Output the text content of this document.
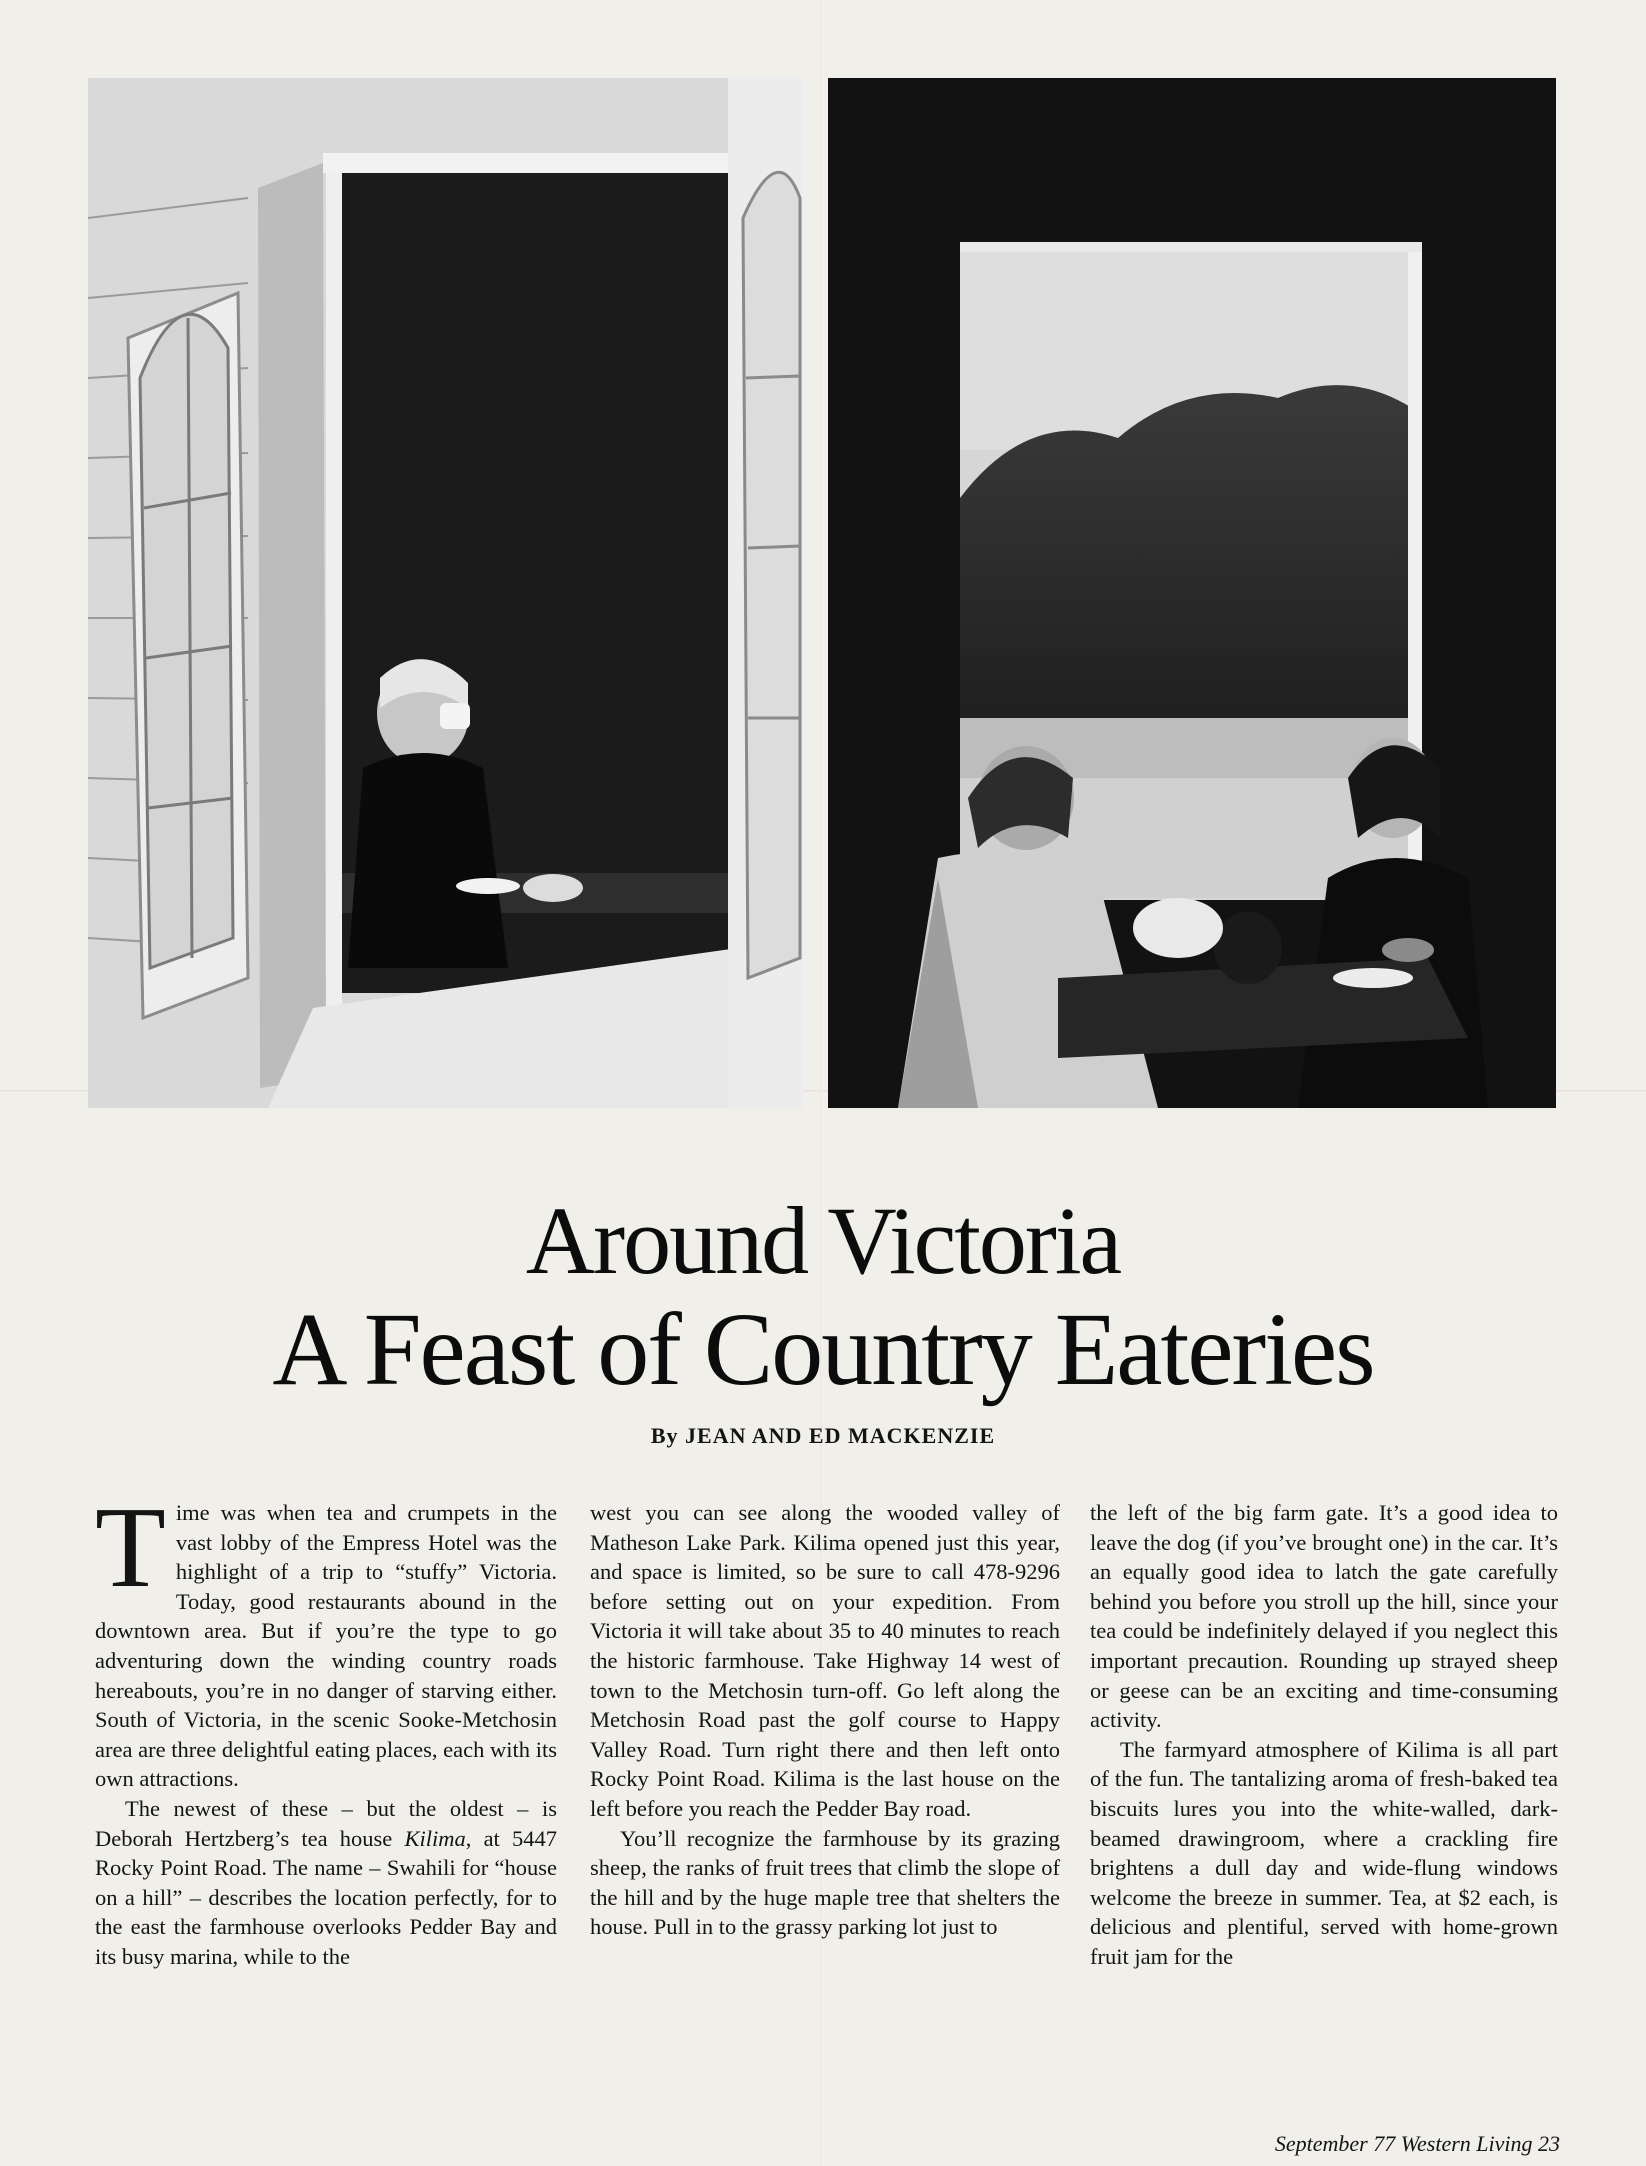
Around Victoria
A Feast of Country Eateries
By JEAN AND ED MACKENZIE

Time was when tea and crumpets in the vast lobby of the Empress Hotel was the highlight of a trip to “stuffy” Victoria. Today, good restaurants abound in the downtown area. But if you’re the type to go adventuring down the winding country roads hereabouts, you’re in no danger of starving either. South of Victoria, in the scenic Sooke-Metchosin area are three delightful eating places, each with its own attractions.

The newest of these – but the oldest – is Deborah Hertzberg’s tea house Kilima, at 5447 Rocky Point Road. The name – Swahili for “house on a hill” – describes the location perfectly, for to the east the farmhouse overlooks Pedder Bay and its busy marina, while to the

west you can see along the wooded valley of Matheson Lake Park. Kilima opened just this year, and space is limited, so be sure to call 478-9296 before setting out on your expedition. From Victoria it will take about 35 to 40 minutes to reach the historic farmhouse. Take Highway 14 west of town to the Metchosin turn-off. Go left along the Metchosin Road past the golf course to Happy Valley Road. Turn right there and then left onto Rocky Point Road. Kilima is the last house on the left before you reach the Pedder Bay road.

You’ll recognize the farmhouse by its grazing sheep, the ranks of fruit trees that climb the slope of the hill and by the huge maple tree that shelters the house. Pull in to the grassy parking lot just to

the left of the big farm gate. It’s a good idea to leave the dog (if you’ve brought one) in the car. It’s an equally good idea to latch the gate carefully behind you before you stroll up the hill, since your tea could be indefinitely delayed if you neglect this important precaution. Rounding up strayed sheep or geese can be an exciting and time-consuming activity.

The farmyard atmosphere of Kilima is all part of the fun. The tantalizing aroma of fresh-baked tea biscuits lures you into the white-walled, dark-beamed drawingroom, where a crackling fire brightens a dull day and wide-flung windows welcome the breeze in summer. Tea, at $2 each, is delicious and plentiful, served with home-grown fruit jam for the

September 77 Western Living 23
